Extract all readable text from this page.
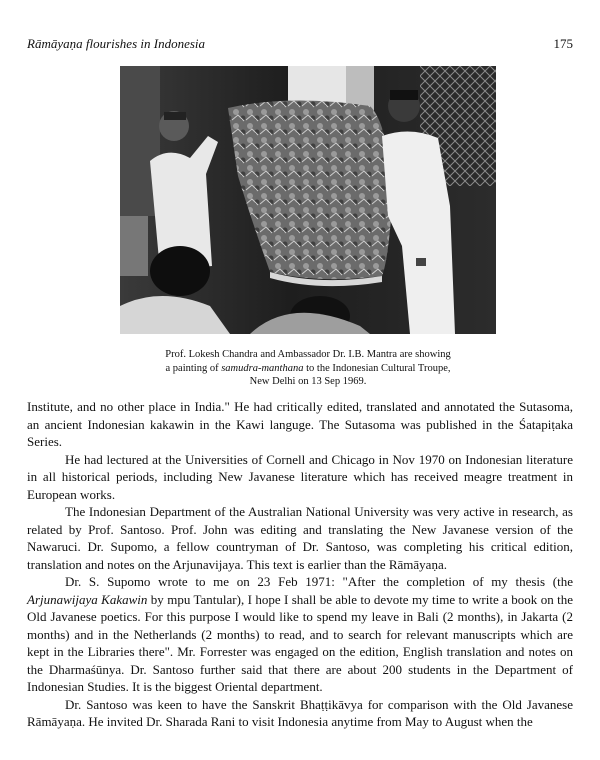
Rāmāyaṇa flourishes in Indonesia	175
Prof. Lokesh Chandra and Ambassador Dr. I.B. Mantra are showing
a painting of samudra-manthana to the Indonesian Cultural Troupe,
New Delhi on 13 Sep 1969.

Institute, and no other place in India." He had critically edited, translated and annotated the Sutasoma, an ancient Indonesian kakawin in the Kawi languge. The Sutasoma was published in the Śatapiṭaka Series.

He had lectured at the Universities of Cornell and Chicago in Nov 1970 on Indonesian literature in all historical periods, including New Javanese literature which has received meagre treatment in European works.

The Indonesian Department of the Australian National University was very active in research, as related by Prof. Santoso. Prof. John was editing and translating the New Javanese version of the Nawaruci. Dr. Supomo, a fellow countryman of Dr. Santoso, was completing his critical edition, translation and notes on the Arjunavijaya. This text is earlier than the Rāmāyaṇa.

Dr. S. Supomo wrote to me on 23 Feb 1971: "After the completion of my thesis (the Arjunawijaya Kakawin by mpu Tantular), I hope I shall be able to devote my time to write a book on the Old Javanese poetics. For this purpose I would like to spend my leave in Bali (2 months), in Jakarta (2 months) and in the Netherlands (2 months) to read, and to search for relevant manuscripts which are kept in the Libraries there". Mr. Forrester was engaged on the edition, English translation and notes on the Dharmaśūnya. Dr. Santoso further said that there are about 200 students in the Department of Indonesian Studies. It is the biggest Oriental department.

Dr. Santoso was keen to have the Sanskrit Bhaṭṭikāvya for comparison with the Old Javanese Rāmāyaṇa. He invited Dr. Sharada Rani to visit Indonesia anytime from May to August when the
